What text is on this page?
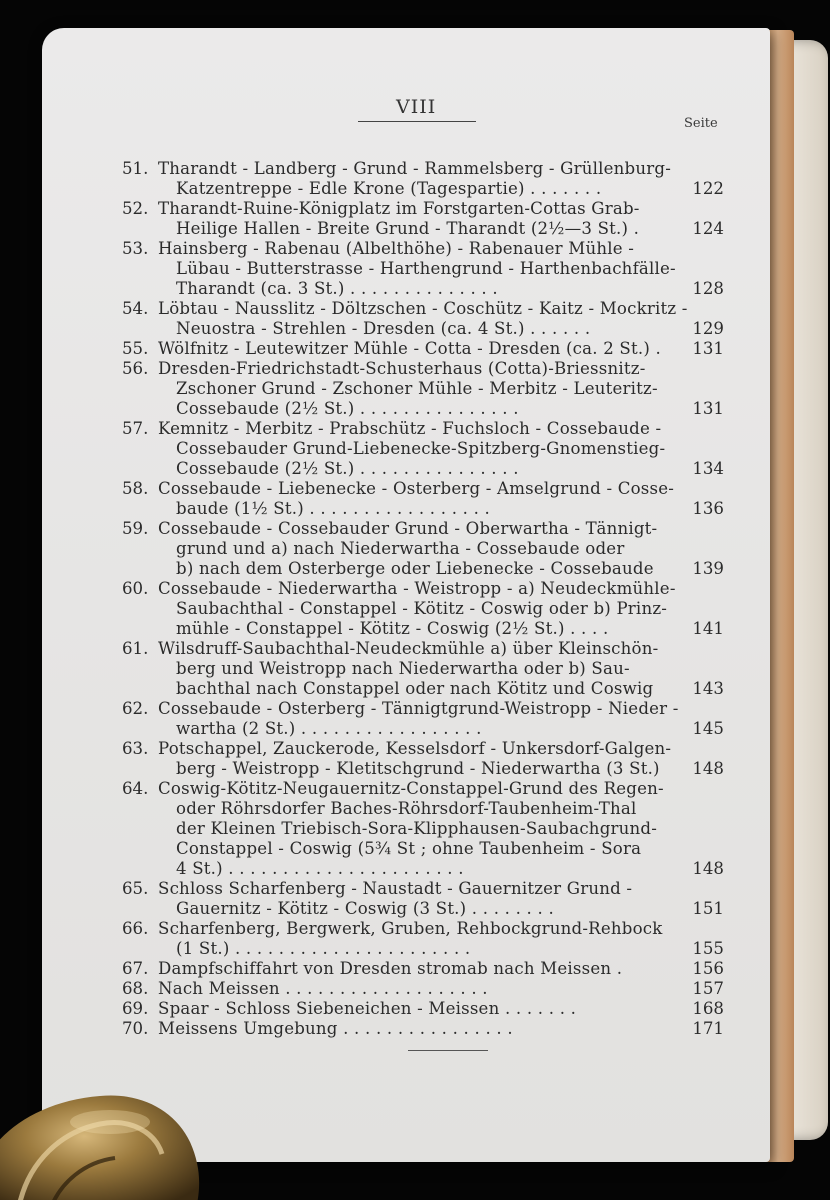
VIII
Seite
51. Tharandt - Landberg - Grund - Rammelsberg - Grüllenburg-
Katzentreppe - Edle Krone (Tagespartie) . . . . . . .	122
52. Tharandt-Ruine-Königplatz im Forstgarten-Cottas Grab-
Heilige Hallen - Breite Grund - Tharandt (2½—3 St.) .	124
53. Hainsberg - Rabenau (Albelthöhe) - Rabenauer Mühle -
Lübau - Butterstrasse - Harthengrund - Harthenbachfälle-
Tharandt (ca. 3 St.) . . . . . . . . . . . . . .	128
54. Löbtau - Nausslitz - Döltzschen - Coschütz - Kaitz - Mockritz -
Neuostra - Strehlen - Dresden (ca. 4 St.) . . . . . .	129
55. Wölfnitz - Leutewitzer Mühle - Cotta - Dresden (ca. 2 St.) .	131
56. Dresden-Friedrichstadt-Schusterhaus (Cotta)-Briessnitz-
Zschoner Grund - Zschoner Mühle - Merbitz - Leuteritz-
Cossebaude (2½ St.) . . . . . . . . . . . . . . .	131
57. Kemnitz - Merbitz - Prabschütz - Fuchsloch - Cossebaude -
Cossebauder Grund-Liebenecke-Spitzberg-Gnomenstieg-
Cossebaude (2½ St.) . . . . . . . . . . . . . . .	134
58. Cossebaude - Liebenecke - Osterberg - Amselgrund - Cosse-
baude (1½ St.) . . . . . . . . . . . . . . . . .	136
59. Cossebaude - Cossebauder Grund - Oberwartha - Tännigt-
grund und a) nach Niederwartha - Cossebaude oder
b) nach dem Osterberge oder Liebenecke - Cossebaude	139
60. Cossebaude - Niederwartha - Weistropp - a) Neudeckmühle-
Saubachthal - Constappel - Kötitz - Coswig oder b) Prinz-
mühle - Constappel - Kötitz - Coswig (2½ St.) . . . .	141
61. Wilsdruff-Saubachthal-Neudeckmühle a) über Kleinschön-
berg und Weistropp nach Niederwartha oder b) Sau-
bachthal nach Constappel oder nach Kötitz und Coswig	143
62. Cossebaude - Osterberg - Tännigtgrund-Weistropp - Nieder -
wartha (2 St.) . . . . . . . . . . . . . . . . .	145
63. Potschappel, Zauckerode, Kesselsdorf - Unkersdorf-Galgen-
berg - Weistropp - Kletitschgrund - Niederwartha (3 St.)	148
64. Coswig-Kötitz-Neugauernitz-Constappel-Grund des Regen-
oder Röhrsdorfer Baches-Röhrsdorf-Taubenheim-Thal
der Kleinen Triebisch-Sora-Klipphausen-Saubachgrund-
Constappel - Coswig (5¾ St ; ohne Taubenheim - Sora
4 St.) . . . . . . . . . . . . . . . . . . . . . .	148
65. Schloss Scharfenberg - Naustadt - Gauernitzer Grund -
Gauernitz - Kötitz - Coswig (3 St.) . . . . . . . .	151
66. Scharfenberg, Bergwerk, Gruben, Rehbockgrund-Rehbock
(1 St.) . . . . . . . . . . . . . . . . . . . . . .	155
67. Dampfschiffahrt von Dresden stromab nach Meissen .	156
68. Nach Meissen . . . . . . . . . . . . . . . . . . .	157
69. Spaar - Schloss Siebeneichen - Meissen . . . . . . .	168
70. Meissens Umgebung . . . . . . . . . . . . . . . .	171
